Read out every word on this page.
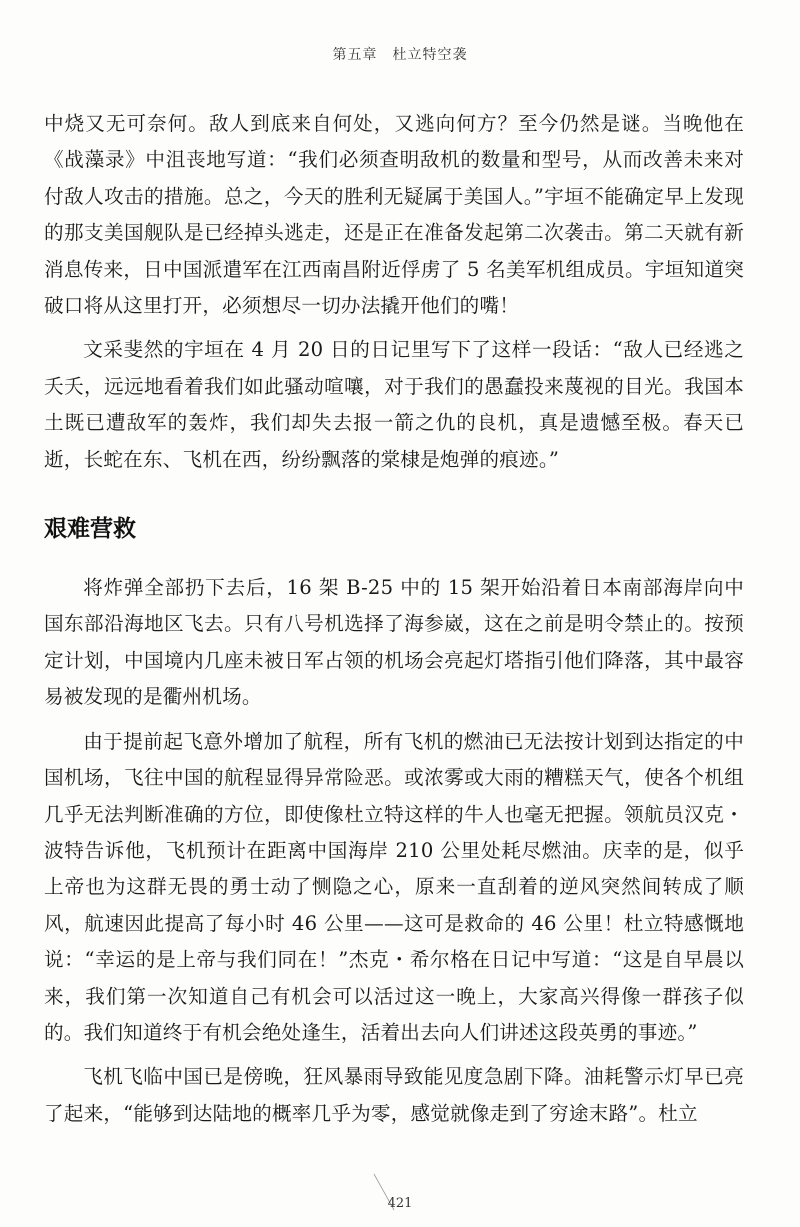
第五章　杜立特空袭

中烧又无可奈何。敌人到底来自何处，又逃向何方？至今仍然是谜。当晚他在《战藻录》中沮丧地写道：“我们必须查明敌机的数量和型号，从而改善未来对付敌人攻击的措施。总之，今天的胜利无疑属于美国人。”宇垣不能确定早上发现的那支美国舰队是已经掉头逃走，还是正在准备发起第二次袭击。第二天就有新消息传来，日中国派遣军在江西南昌附近俘虏了 5 名美军机组成员。宇垣知道突破口将从这里打开，必须想尽一切办法撬开他们的嘴！

文采斐然的宇垣在 4 月 20 日的日记里写下了这样一段话：“敌人已经逃之夭夭，远远地看着我们如此骚动喧嚷，对于我们的愚蠢投来蔑视的目光。我国本土既已遭敌军的轰炸，我们却失去报一箭之仇的良机，真是遗憾至极。春天已逝，长蛇在东、飞机在西，纷纷飘落的棠棣是炮弹的痕迹。”

艰难营救

将炸弹全部扔下去后，16 架 B-25 中的 15 架开始沿着日本南部海岸向中国东部沿海地区飞去。只有八号机选择了海参崴，这在之前是明令禁止的。按预定计划，中国境内几座未被日军占领的机场会亮起灯塔指引他们降落，其中最容易被发现的是衢州机场。

由于提前起飞意外增加了航程，所有飞机的燃油已无法按计划到达指定的中国机场，飞往中国的航程显得异常险恶。或浓雾或大雨的糟糕天气，使各个机组几乎无法判断准确的方位，即使像杜立特这样的牛人也毫无把握。领航员汉克・波特告诉他，飞机预计在距离中国海岸 210 公里处耗尽燃油。庆幸的是，似乎上帝也为这群无畏的勇士动了恻隐之心，原来一直刮着的逆风突然间转成了顺风，航速因此提高了每小时 46 公里——这可是救命的 46 公里！杜立特感慨地说：“幸运的是上帝与我们同在！”杰克・希尔格在日记中写道：“这是自早晨以来，我们第一次知道自己有机会可以活过这一晚上，大家高兴得像一群孩子似的。我们知道终于有机会绝处逢生，活着出去向人们讲述这段英勇的事迹。”

飞机飞临中国已是傍晚，狂风暴雨导致能见度急剧下降。油耗警示灯早已亮了起来，“能够到达陆地的概率几乎为零，感觉就像走到了穷途末路”。杜立

421
